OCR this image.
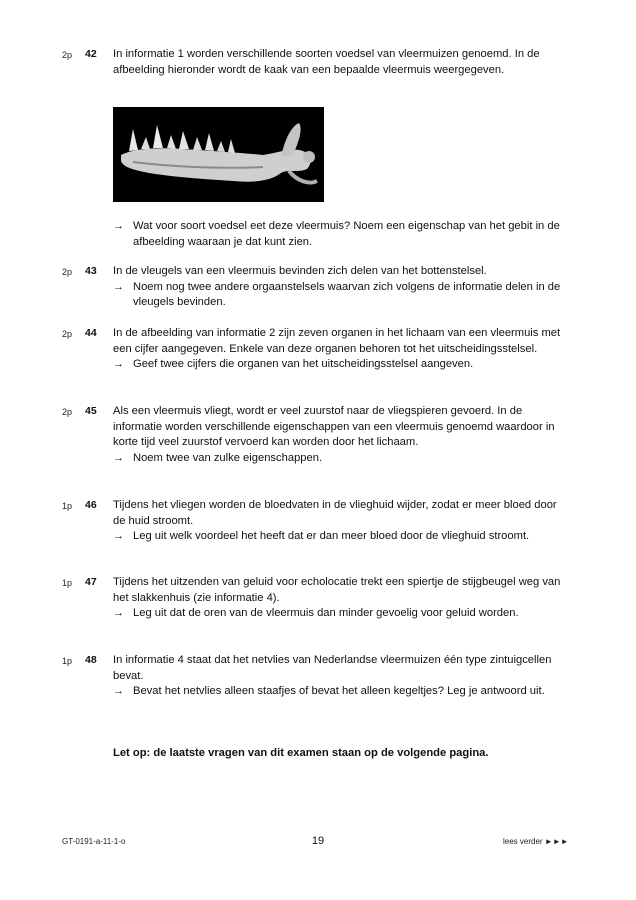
2p 42 In informatie 1 worden verschillende soorten voedsel van vleermuizen genoemd. In de afbeelding hieronder wordt de kaak van een bepaalde vleermuis weergegeven.

→ Wat voor soort voedsel eet deze vleermuis? Noem een eigenschap van het gebit in de afbeelding waaraan je dat kunt zien.
2p 43 In de vleugels van een vleermuis bevinden zich delen van het bottenstelsel.

→ Noem nog twee andere orgaanstelsels waarvan zich volgens de informatie delen in de vleugels bevinden.
2p 44 In de afbeelding van informatie 2 zijn zeven organen in het lichaam van een vleermuis met een cijfer aangegeven. Enkele van deze organen behoren tot het uitscheidingsstelsel.

→ Geef twee cijfers die organen van het uitscheidingsstelsel aangeven.
2p 45 Als een vleermuis vliegt, wordt er veel zuurstof naar de vliegspieren gevoerd. In de informatie worden verschillende eigenschappen van een vleermuis genoemd waardoor in korte tijd veel zuurstof vervoerd kan worden door het lichaam.

→ Noem twee van zulke eigenschappen.
1p 46 Tijdens het vliegen worden de bloedvaten in de vlieghuid wijder, zodat er meer bloed door de huid stroomt.

→ Leg uit welk voordeel het heeft dat er dan meer bloed door de vlieghuid stroomt.
1p 47 Tijdens het uitzenden van geluid voor echolocatie trekt een spiertje de stijgbeugel weg van het slakkenhuis (zie informatie 4).

→ Leg uit dat de oren van de vleermuis dan minder gevoelig voor geluid worden.
1p 48 In informatie 4 staat dat het netvlies van Nederlandse vleermuizen één type zintuigcellen bevat.

→ Bevat het netvlies alleen staafjes of bevat het alleen kegeltjes? Leg je antwoord uit.
Let op: de laatste vragen van dit examen staan op de volgende pagina.
GT-0191-a-11-1-o	19	lees verder ►►►
